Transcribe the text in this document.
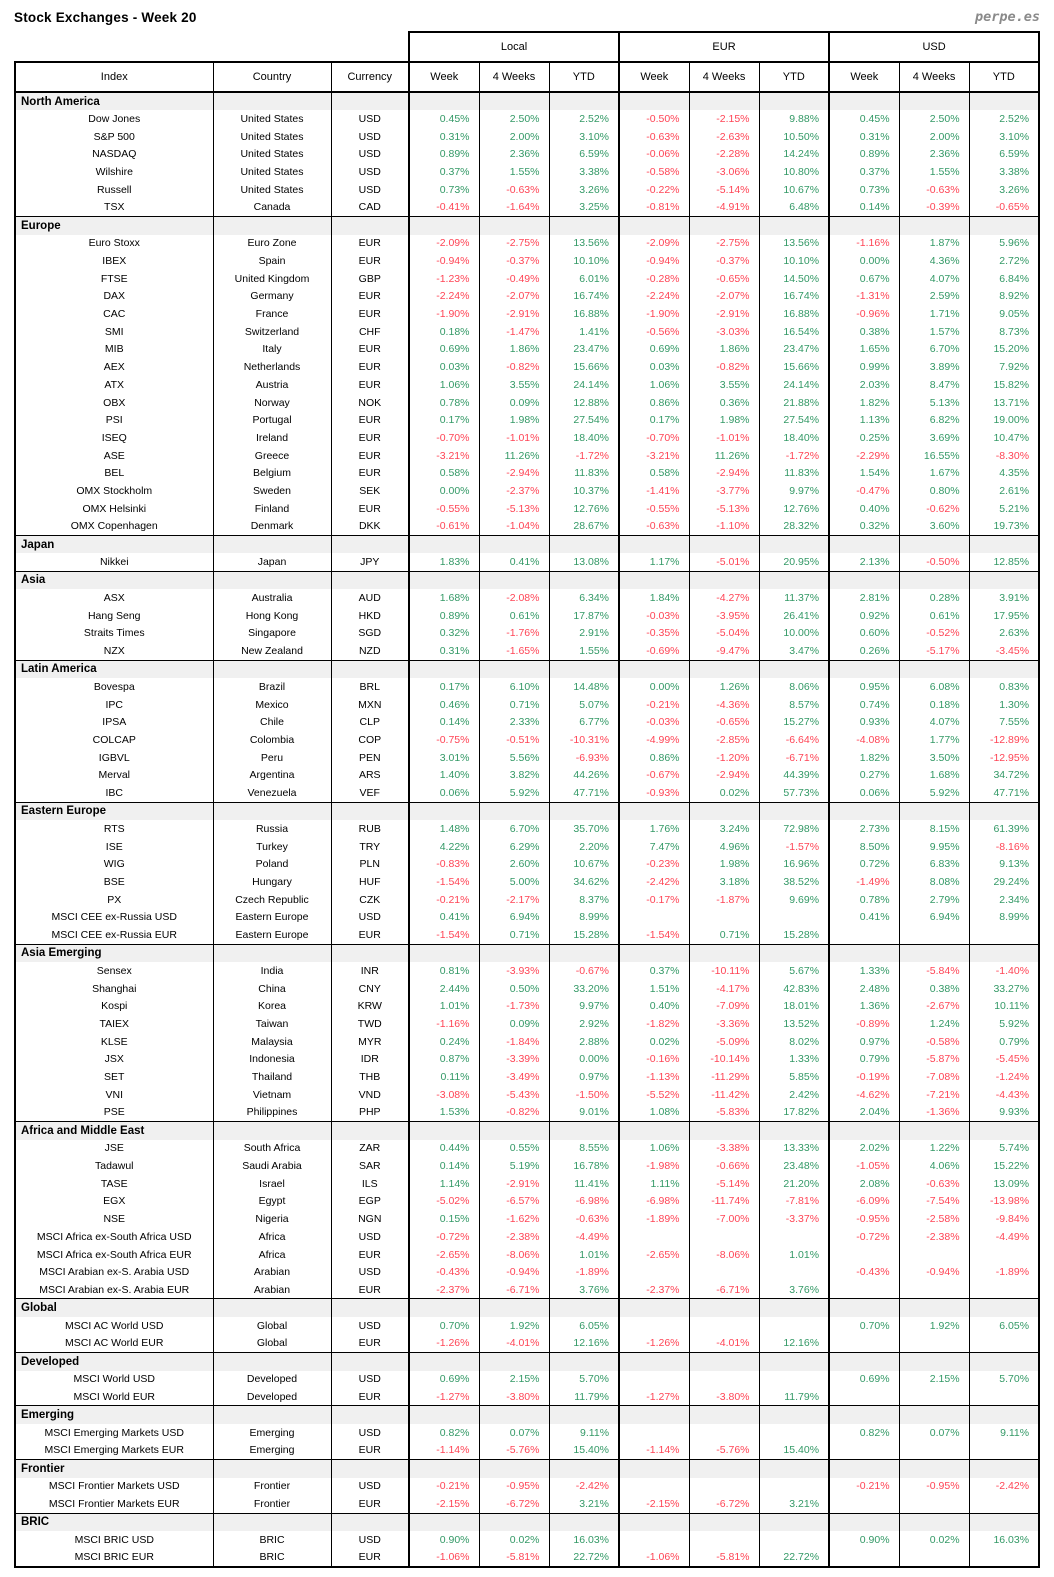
Stock Exchanges - Week 20	perpe.es
			Local			EUR			USD		
Index	Country	Currency	Week	4 Weeks	YTD	Week	4 Weeks	YTD	Week	4 Weeks	YTD
North America											
Dow Jones	United States	USD	0.45%	2.50%	2.52%	-0.50%	-2.15%	9.88%	0.45%	2.50%	2.52%
S&P 500	United States	USD	0.31%	2.00%	3.10%	-0.63%	-2.63%	10.50%	0.31%	2.00%	3.10%
NASDAQ	United States	USD	0.89%	2.36%	6.59%	-0.06%	-2.28%	14.24%	0.89%	2.36%	6.59%
Wilshire	United States	USD	0.37%	1.55%	3.38%	-0.58%	-3.06%	10.80%	0.37%	1.55%	3.38%
Russell	United States	USD	0.73%	-0.63%	3.26%	-0.22%	-5.14%	10.67%	0.73%	-0.63%	3.26%
TSX	Canada	CAD	-0.41%	-1.64%	3.25%	-0.81%	-4.91%	6.48%	0.14%	-0.39%	-0.65%
Europe											
Euro Stoxx	Euro Zone	EUR	-2.09%	-2.75%	13.56%	-2.09%	-2.75%	13.56%	-1.16%	1.87%	5.96%
IBEX	Spain	EUR	-0.94%	-0.37%	10.10%	-0.94%	-0.37%	10.10%	0.00%	4.36%	2.72%
FTSE	United Kingdom	GBP	-1.23%	-0.49%	6.01%	-0.28%	-0.65%	14.50%	0.67%	4.07%	6.84%
DAX	Germany	EUR	-2.24%	-2.07%	16.74%	-2.24%	-2.07%	16.74%	-1.31%	2.59%	8.92%
CAC	France	EUR	-1.90%	-2.91%	16.88%	-1.90%	-2.91%	16.88%	-0.96%	1.71%	9.05%
SMI	Switzerland	CHF	0.18%	-1.47%	1.41%	-0.56%	-3.03%	16.54%	0.38%	1.57%	8.73%
MIB	Italy	EUR	0.69%	1.86%	23.47%	0.69%	1.86%	23.47%	1.65%	6.70%	15.20%
AEX	Netherlands	EUR	0.03%	-0.82%	15.66%	0.03%	-0.82%	15.66%	0.99%	3.89%	7.92%
ATX	Austria	EUR	1.06%	3.55%	24.14%	1.06%	3.55%	24.14%	2.03%	8.47%	15.82%
OBX	Norway	NOK	0.78%	0.09%	12.88%	0.86%	0.36%	21.88%	1.82%	5.13%	13.71%
PSI	Portugal	EUR	0.17%	1.98%	27.54%	0.17%	1.98%	27.54%	1.13%	6.82%	19.00%
ISEQ	Ireland	EUR	-0.70%	-1.01%	18.40%	-0.70%	-1.01%	18.40%	0.25%	3.69%	10.47%
ASE	Greece	EUR	-3.21%	11.26%	-1.72%	-3.21%	11.26%	-1.72%	-2.29%	16.55%	-8.30%
BEL	Belgium	EUR	0.58%	-2.94%	11.83%	0.58%	-2.94%	11.83%	1.54%	1.67%	4.35%
OMX Stockholm	Sweden	SEK	0.00%	-2.37%	10.37%	-1.41%	-3.77%	9.97%	-0.47%	0.80%	2.61%
OMX Helsinki	Finland	EUR	-0.55%	-5.13%	12.76%	-0.55%	-5.13%	12.76%	0.40%	-0.62%	5.21%
OMX Copenhagen	Denmark	DKK	-0.61%	-1.04%	28.67%	-0.63%	-1.10%	28.32%	0.32%	3.60%	19.73%
Japan											
Nikkei	Japan	JPY	1.83%	0.41%	13.08%	1.17%	-5.01%	20.95%	2.13%	-0.50%	12.85%
Asia											
ASX	Australia	AUD	1.68%	-2.08%	6.34%	1.84%	-4.27%	11.37%	2.81%	0.28%	3.91%
Hang Seng	Hong Kong	HKD	0.89%	0.61%	17.87%	-0.03%	-3.95%	26.41%	0.92%	0.61%	17.95%
Straits Times	Singapore	SGD	0.32%	-1.76%	2.91%	-0.35%	-5.04%	10.00%	0.60%	-0.52%	2.63%
NZX	New Zealand	NZD	0.31%	-1.65%	1.55%	-0.69%	-9.47%	3.47%	0.26%	-5.17%	-3.45%
Latin America											
Bovespa	Brazil	BRL	0.17%	6.10%	14.48%	0.00%	1.26%	8.06%	0.95%	6.08%	0.83%
IPC	Mexico	MXN	0.46%	0.71%	5.07%	-0.21%	-4.36%	8.57%	0.74%	0.18%	1.30%
IPSA	Chile	CLP	0.14%	2.33%	6.77%	-0.03%	-0.65%	15.27%	0.93%	4.07%	7.55%
COLCAP	Colombia	COP	-0.75%	-0.51%	-10.31%	-4.99%	-2.85%	-6.64%	-4.08%	1.77%	-12.89%
IGBVL	Peru	PEN	3.01%	5.56%	-6.93%	0.86%	-1.20%	-6.71%	1.82%	3.50%	-12.95%
Merval	Argentina	ARS	1.40%	3.82%	44.26%	-0.67%	-2.94%	44.39%	0.27%	1.68%	34.72%
IBC	Venezuela	VEF	0.06%	5.92%	47.71%	-0.93%	0.02%	57.73%	0.06%	5.92%	47.71%
Eastern Europe											
RTS	Russia	RUB	1.48%	6.70%	35.70%	1.76%	3.24%	72.98%	2.73%	8.15%	61.39%
ISE	Turkey	TRY	4.22%	6.29%	2.20%	7.47%	4.96%	-1.57%	8.50%	9.95%	-8.16%
WIG	Poland	PLN	-0.83%	2.60%	10.67%	-0.23%	1.98%	16.96%	0.72%	6.83%	9.13%
BSE	Hungary	HUF	-1.54%	5.00%	34.62%	-2.42%	3.18%	38.52%	-1.49%	8.08%	29.24%
PX	Czech Republic	CZK	-0.21%	-2.17%	8.37%	-0.17%	-1.87%	9.69%	0.78%	2.79%	2.34%
MSCI CEE ex-Russia USD	Eastern Europe	USD	0.41%	6.94%	8.99%				0.41%	6.94%	8.99%
MSCI CEE ex-Russia EUR	Eastern Europe	EUR	-1.54%	0.71%	15.28%	-1.54%	0.71%	15.28%			
Asia Emerging											
Sensex	India	INR	0.81%	-3.93%	-0.67%	0.37%	-10.11%	5.67%	1.33%	-5.84%	-1.40%
Shanghai	China	CNY	2.44%	0.50%	33.20%	1.51%	-4.17%	42.83%	2.48%	0.38%	33.27%
Kospi	Korea	KRW	1.01%	-1.73%	9.97%	0.40%	-7.09%	18.01%	1.36%	-2.67%	10.11%
TAIEX	Taiwan	TWD	-1.16%	0.09%	2.92%	-1.82%	-3.36%	13.52%	-0.89%	1.24%	5.92%
KLSE	Malaysia	MYR	0.24%	-1.84%	2.88%	0.02%	-5.09%	8.02%	0.97%	-0.58%	0.79%
JSX	Indonesia	IDR	0.87%	-3.39%	0.00%	-0.16%	-10.14%	1.33%	0.79%	-5.87%	-5.45%
SET	Thailand	THB	0.11%	-3.49%	0.97%	-1.13%	-11.29%	5.85%	-0.19%	-7.08%	-1.24%
VNI	Vietnam	VND	-3.08%	-5.43%	-1.50%	-5.52%	-11.42%	2.42%	-4.62%	-7.21%	-4.43%
PSE	Philippines	PHP	1.53%	-0.82%	9.01%	1.08%	-5.83%	17.82%	2.04%	-1.36%	9.93%
Africa and Middle East											
JSE	South Africa	ZAR	0.44%	0.55%	8.55%	1.06%	-3.38%	13.33%	2.02%	1.22%	5.74%
Tadawul	Saudi Arabia	SAR	0.14%	5.19%	16.78%	-1.98%	-0.66%	23.48%	-1.05%	4.06%	15.22%
TASE	Israel	ILS	1.14%	-2.91%	11.41%	1.11%	-5.14%	21.20%	2.08%	-0.63%	13.09%
EGX	Egypt	EGP	-5.02%	-6.57%	-6.98%	-6.98%	-11.74%	-7.81%	-6.09%	-7.54%	-13.98%
NSE	Nigeria	NGN	0.15%	-1.62%	-0.63%	-1.89%	-7.00%	-3.37%	-0.95%	-2.58%	-9.84%
MSCI Africa ex-South Africa USD	Africa	USD	-0.72%	-2.38%	-4.49%				-0.72%	-2.38%	-4.49%
MSCI Africa ex-South Africa EUR	Africa	EUR	-2.65%	-8.06%	1.01%	-2.65%	-8.06%	1.01%			
MSCI Arabian ex-S. Arabia USD	Arabian	USD	-0.43%	-0.94%	-1.89%				-0.43%	-0.94%	-1.89%
MSCI Arabian ex-S. Arabia EUR	Arabian	EUR	-2.37%	-6.71%	3.76%	-2.37%	-6.71%	3.76%			
Global											
MSCI AC World USD	Global	USD	0.70%	1.92%	6.05%				0.70%	1.92%	6.05%
MSCI AC World EUR	Global	EUR	-1.26%	-4.01%	12.16%	-1.26%	-4.01%	12.16%			
Developed											
MSCI World USD	Developed	USD	0.69%	2.15%	5.70%				0.69%	2.15%	5.70%
MSCI World EUR	Developed	EUR	-1.27%	-3.80%	11.79%	-1.27%	-3.80%	11.79%			
Emerging											
MSCI Emerging Markets USD	Emerging	USD	0.82%	0.07%	9.11%				0.82%	0.07%	9.11%
MSCI Emerging Markets EUR	Emerging	EUR	-1.14%	-5.76%	15.40%	-1.14%	-5.76%	15.40%			
Frontier											
MSCI Frontier Markets USD	Frontier	USD	-0.21%	-0.95%	-2.42%				-0.21%	-0.95%	-2.42%
MSCI Frontier Markets EUR	Frontier	EUR	-2.15%	-6.72%	3.21%	-2.15%	-6.72%	3.21%			
BRIC											
MSCI BRIC USD	BRIC	USD	0.90%	0.02%	16.03%				0.90%	0.02%	16.03%
MSCI BRIC EUR	BRIC	EUR	-1.06%	-5.81%	22.72%	-1.06%	-5.81%	22.72%			
